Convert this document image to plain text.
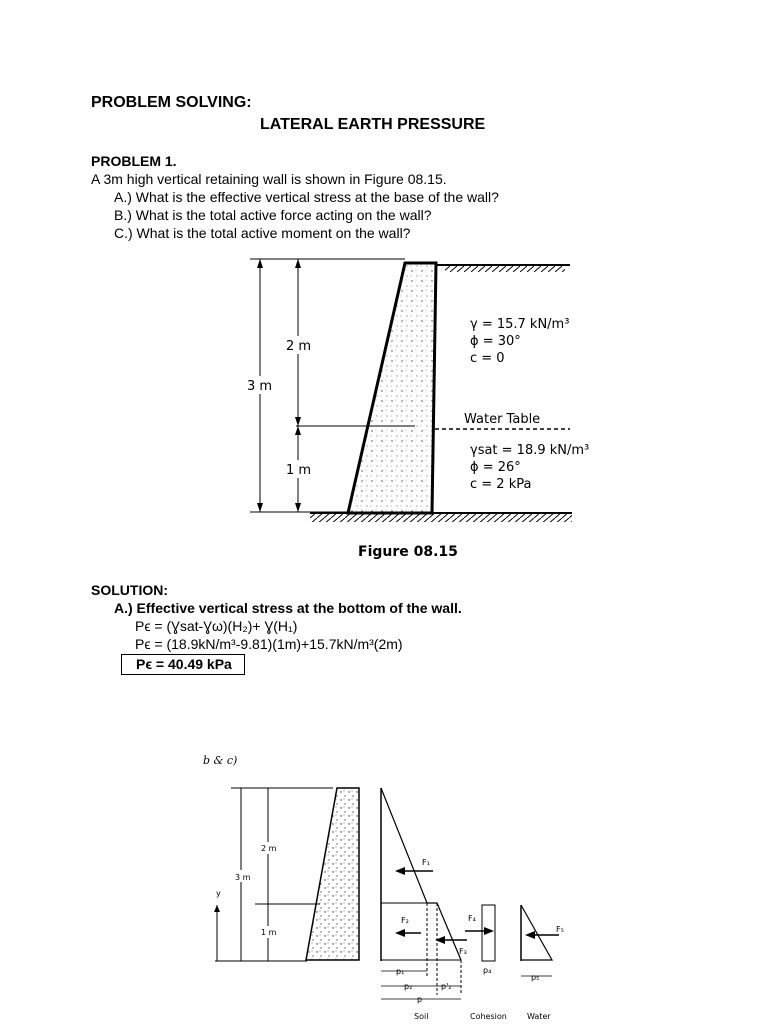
PROBLEM SOLVING:
LATERAL EARTH PRESSURE
PROBLEM 1.
A 3m high vertical retaining wall is shown in Figure 08.15.
A.) What is the effective vertical stress at the base of the wall?
B.) What is the total active force acting on the wall?
C.) What is the total active moment on the wall?
3 m
2 m
1 m
γ = 15.7 kN/m³
ϕ = 30°
c = 0
Water Table
γsat = 18.9 kN/m³
ϕ = 26°
c = 2 kPa
Figure 08.15
SOLUTION:
A.) Effective vertical stress at the bottom of the wall.
Pϵ = (Ɣsat-Ɣω)(H₂)+ Ɣ(H₁)
Pϵ = (18.9kN/m³-9.81)(1m)+15.7kN/m³(2m)
Pϵ = 40.49 kPa
b & c)
y
3 m
2 m
1 m
F₁
F₂
F₃
F₄
p₄
F₅
p₅
p₁
p₂	p'₂
p
Soil	Cohesion	Water
